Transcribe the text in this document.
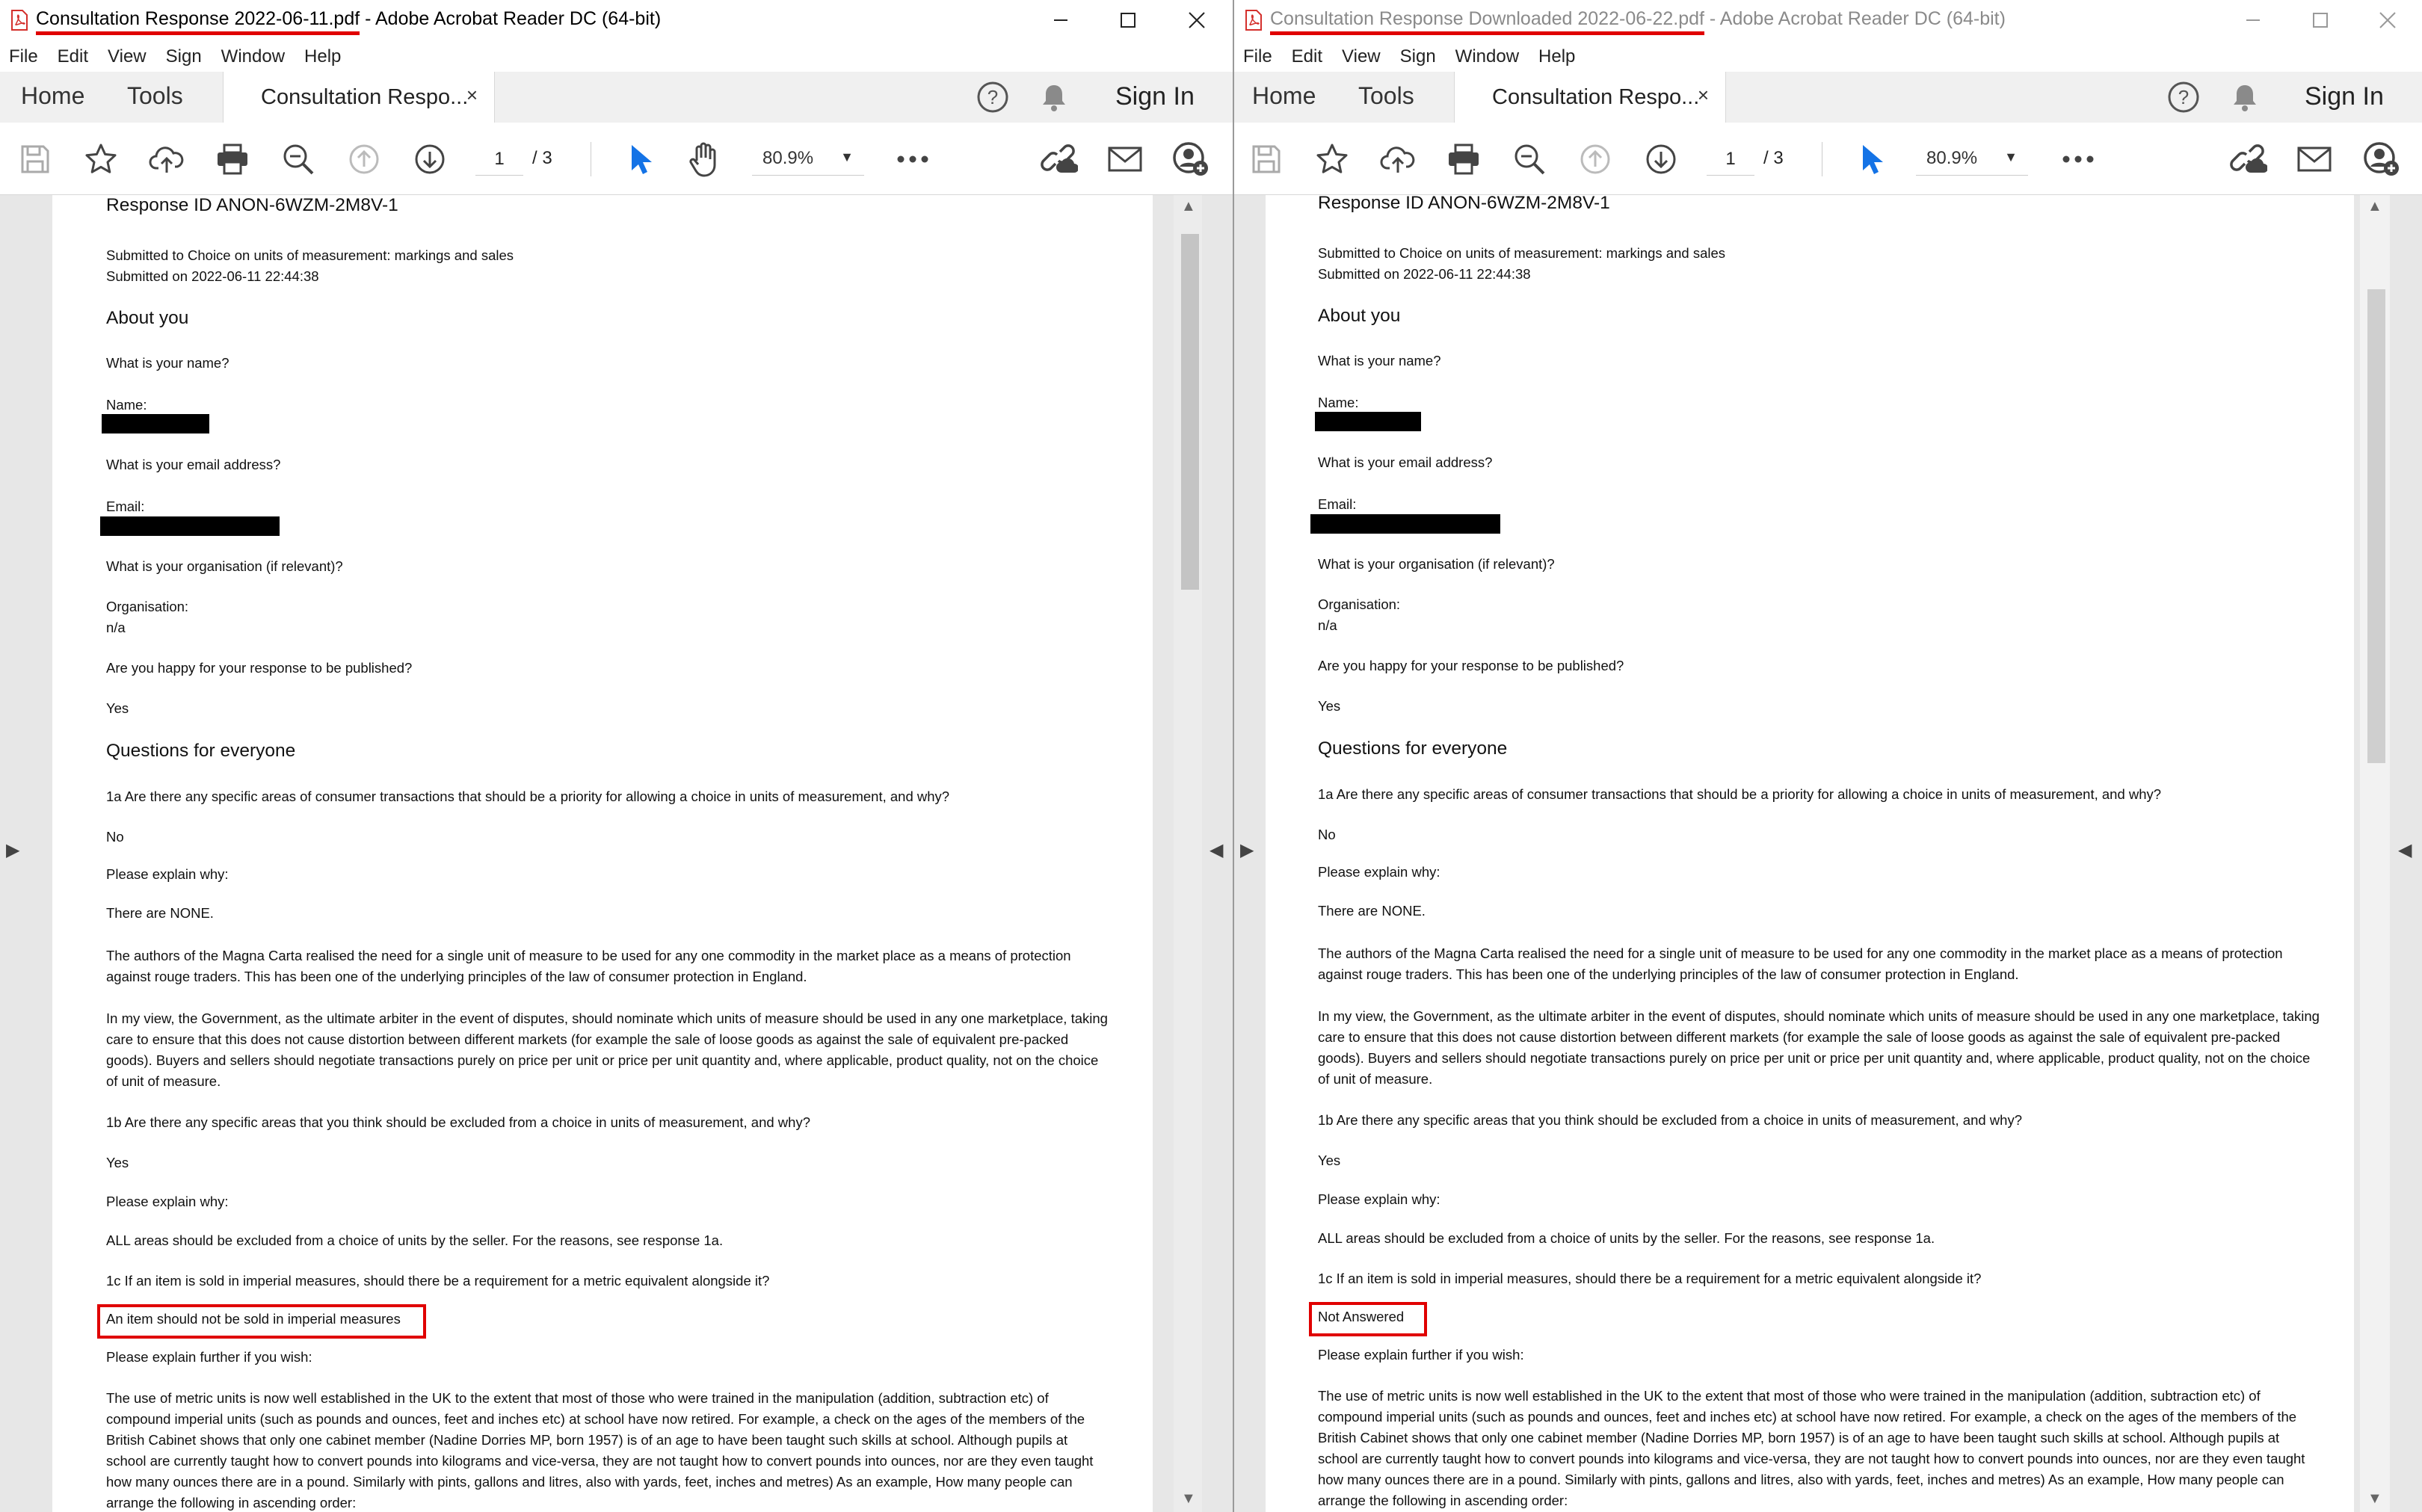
Consultation Response 2022-06-11.pdf - Adobe Acrobat Reader DC (64-bit)
File Edit View Sign Window Help
Home Tools	Consultation Respo...
×	?	Sign In
1	/ 3	80.9% ▼
▶
Response ID ANON-6WZM-2M8V-1
Submitted to Choice on units of measurement: markings and sales
Submitted on 2022-06-11 22:44:38
About you
What is your name?
Name:
What is your email address?
Email:
What is your organisation (if relevant)?
Organisation:
n/a
Are you happy for your response to be published?
Yes
Questions for everyone
1a Are there any specific areas of consumer transactions that should be a priority for allowing a choice in units of measurement, and why?
No
Please explain why:
There are NONE.
The authors of the Magna Carta realised the need for a single unit of measure to be used for any one commodity in the market place as a means of protection against rouge traders. This has been one of the underlying principles of the law of consumer protection in England.
In my view, the Government, as the ultimate arbiter in the event of disputes, should nominate which units of measure should be used in any one marketplace, taking care to ensure that this does not cause distortion between different markets (for example the sale of loose goods as against the sale of equivalent pre-packed goods). Buyers and sellers should negotiate transactions purely on price per unit or price per unit quantity and, where applicable, product quality, not on the choice of unit of measure.
1b Are there any specific areas that you think should be excluded from a choice in units of measurement, and why?
Yes
Please explain why:
ALL areas should be excluded from a choice of units by the seller. For the reasons, see response 1a.
1c If an item is sold in imperial measures, should there be a requirement for a metric equivalent alongside it?
An item should not be sold in imperial measures
Please explain further if you wish:
The use of metric units is now well established in the UK to the extent that most of those who were trained in the manipulation (addition, subtraction etc) of compound imperial units (such as pounds and ounces, feet and inches etc) at school have now retired. For example, a check on the ages of the members of the British Cabinet shows that only one cabinet member (Nadine Dorries MP, born 1957) is of an age to have been taught such skills at school. Although pupils at school are currently taught how to convert pounds into kilograms and vice-versa, they are not taught how to convert pounds into ounces, nor are they even taught how many ounces there are in a pound. Similarly with pints, gallons and litres, also with yards, feet, inches and metres) As an example, How many people can arrange the following in ascending order:
▲
▼
◀
Consultation Response Downloaded 2022-06-22.pdf - Adobe Acrobat Reader DC (64-bit)
File Edit View Sign Window Help
Home Tools	Consultation Respo...
×	?	Sign In
1	/ 3	80.9% ▼
▶
Response ID ANON-6WZM-2M8V-1
Submitted to Choice on units of measurement: markings and sales
Submitted on 2022-06-11 22:44:38
About you
What is your name?
Name:
What is your email address?
Email:
What is your organisation (if relevant)?
Organisation:
n/a
Are you happy for your response to be published?
Yes
Questions for everyone
1a Are there any specific areas of consumer transactions that should be a priority for allowing a choice in units of measurement, and why?
No
Please explain why:
There are NONE.
The authors of the Magna Carta realised the need for a single unit of measure to be used for any one commodity in the market place as a means of protection against rouge traders. This has been one of the underlying principles of the law of consumer protection in England.
In my view, the Government, as the ultimate arbiter in the event of disputes, should nominate which units of measure should be used in any one marketplace, taking care to ensure that this does not cause distortion between different markets (for example the sale of loose goods as against the sale of equivalent pre-packed goods). Buyers and sellers should negotiate transactions purely on price per unit or price per unit quantity and, where applicable, product quality, not on the choice of unit of measure.
1b Are there any specific areas that you think should be excluded from a choice in units of measurement, and why?
Yes
Please explain why:
ALL areas should be excluded from a choice of units by the seller. For the reasons, see response 1a.
1c If an item is sold in imperial measures, should there be a requirement for a metric equivalent alongside it?
Not Answered
Please explain further if you wish:
The use of metric units is now well established in the UK to the extent that most of those who were trained in the manipulation (addition, subtraction etc) of compound imperial units (such as pounds and ounces, feet and inches etc) at school have now retired. For example, a check on the ages of the members of the British Cabinet shows that only one cabinet member (Nadine Dorries MP, born 1957) is of an age to have been taught such skills at school. Although pupils at school are currently taught how to convert pounds into kilograms and vice-versa, they are not taught how to convert pounds into ounces, nor are they even taught how many ounces there are in a pound. Similarly with pints, gallons and litres, also with yards, feet, inches and metres) As an example, How many people can arrange the following in ascending order:
▲
▼
◀
